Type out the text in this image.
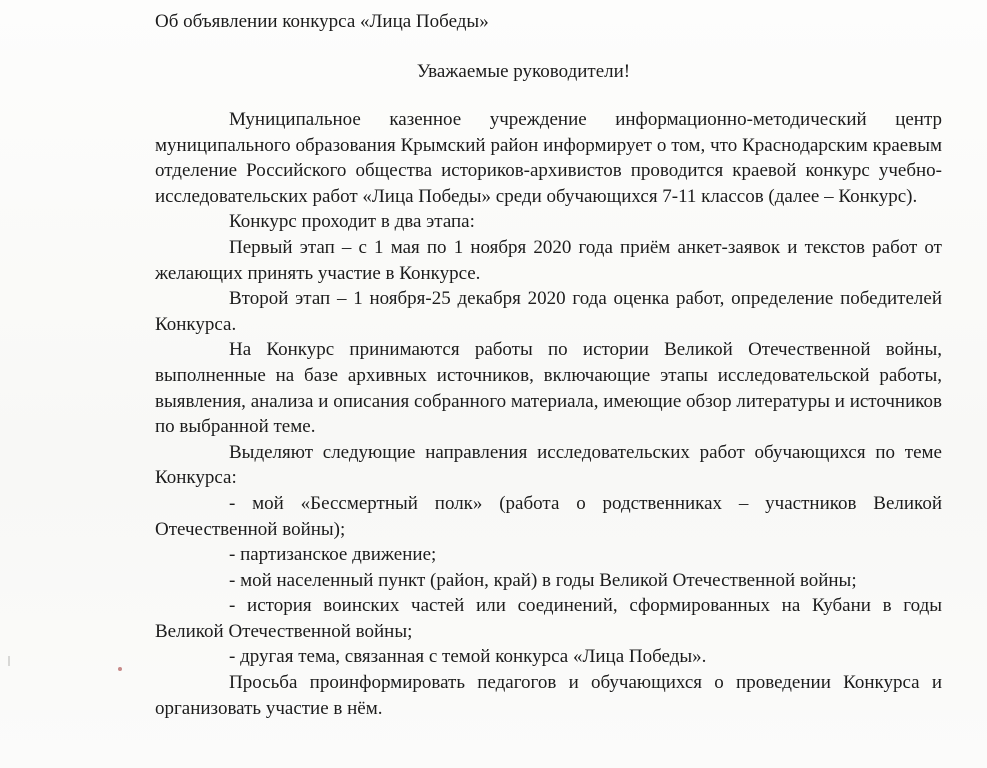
Об объявлении конкурса «Лица Победы»
Уважаемые руководители!

Муниципальное казенное учреждение информационно-методический центр муниципального образования Крымский район информирует о том, что Краснодарским краевым отделение Российского общества историков-архивистов проводится краевой конкурс учебно-исследовательских работ «Лица Победы» среди обучающихся 7-11 классов (далее – Конкурс).

Конкурс проходит в два этапа:

Первый этап – с 1 мая по 1 ноября 2020 года приём анкет-заявок и текстов работ от желающих принять участие в Конкурсе.

Второй этап – 1 ноября-25 декабря 2020 года оценка работ, определение победителей Конкурса.

На Конкурс принимаются работы по истории Великой Отечественной войны, выполненные на базе архивных источников, включающие этапы исследовательской работы, выявления, анализа и описания собранного материала, имеющие обзор литературы и источников по выбранной теме.

Выделяют следующие направления исследовательских работ обучающихся по теме Конкурса:

- мой «Бессмертный полк» (работа о родственниках – участников Великой Отечественной войны);

- партизанское движение;

- мой населенный пункт (район, край) в годы Великой Отечественной войны;

- история воинских частей или соединений, сформированных на Кубани в годы Великой Отечественной войны;

- другая тема, связанная с темой конкурса «Лица Победы».

Просьба проинформировать педагогов и обучающихся о проведении Конкурса и организовать участие в нём.
